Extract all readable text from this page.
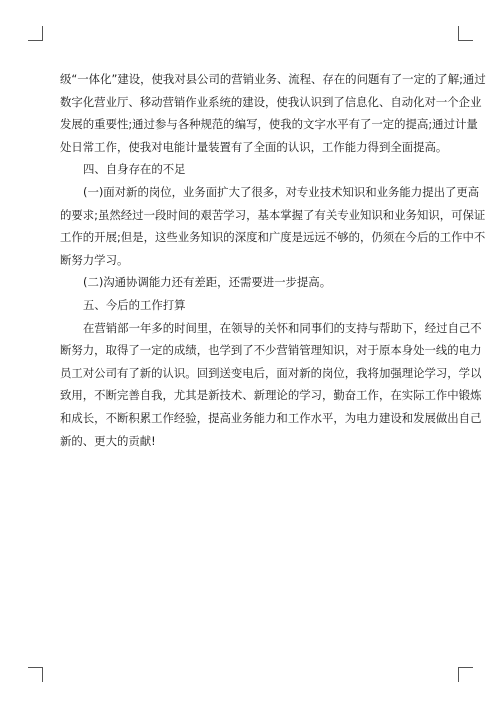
级“一体化”建设，使我对县公司的营销业务、流程、存在的问题有了一定的了解;通过
数字化营业厅、移动营销作业系统的建设，使我认识到了信息化、自动化对一个企业
发展的重要性;通过参与各种规范的编写，使我的文字水平有了一定的提高;通过计量
处日常工作，使我对电能计量装置有了全面的认识，工作能力得到全面提高。
四、自身存在的不足
(一)面对新的岗位，业务面扩大了很多，对专业技术知识和业务能力提出了更高
的要求;虽然经过一段时间的艰苦学习，基本掌握了有关专业知识和业务知识，可保证
工作的开展;但是，这些业务知识的深度和广度是远远不够的，仍须在今后的工作中不
断努力学习。
(二)沟通协调能力还有差距，还需要进一步提高。
五、今后的工作打算
在营销部一年多的时间里，在领导的关怀和同事们的支持与帮助下，经过自己不
断努力，取得了一定的成绩，也学到了不少营销管理知识，对于原本身处一线的电力
员工对公司有了新的认识。回到送变电后，面对新的岗位，我将加强理论学习，学以
致用，不断完善自我，尤其是新技术、新理论的学习，勤奋工作，在实际工作中锻炼
和成长，不断积累工作经验，提高业务能力和工作水平，为电力建设和发展做出自己
新的、更大的贡献!
